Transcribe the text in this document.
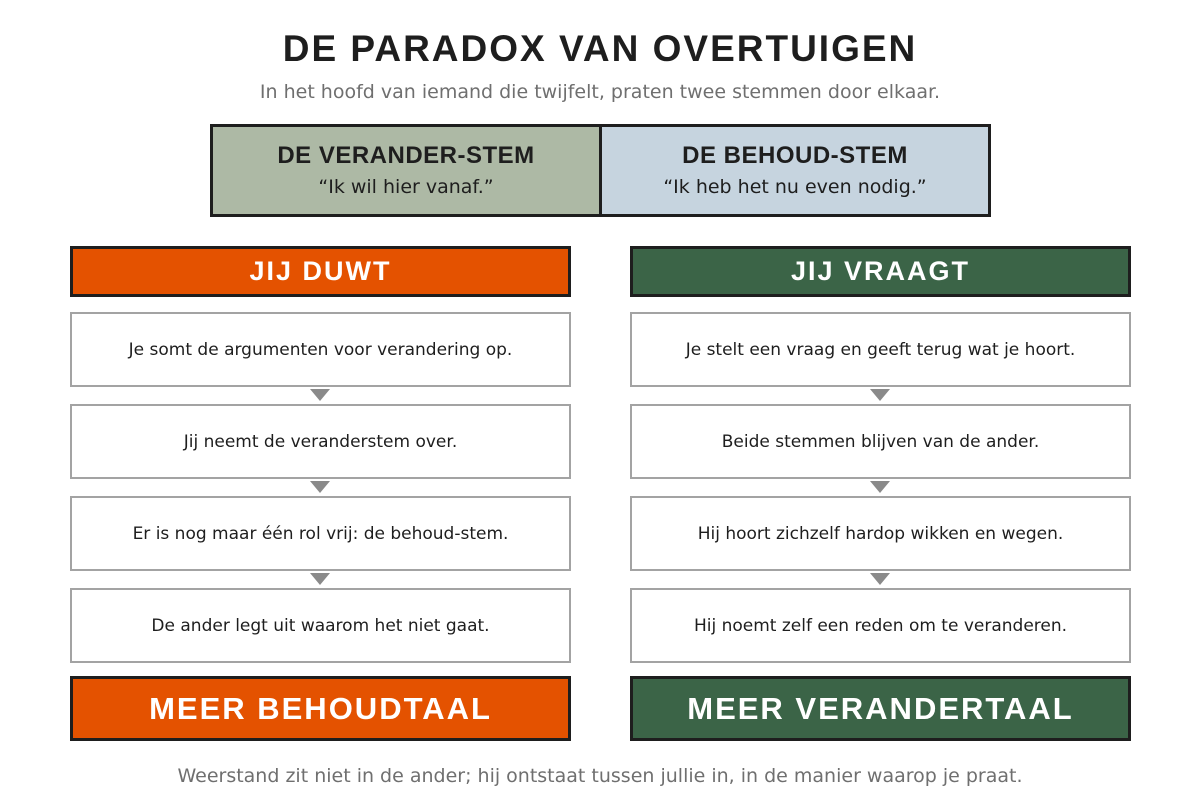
DE PARADOX VAN OVERTUIGEN
In het hoofd van iemand die twijfelt, praten twee stemmen door elkaar.
DE VERANDER-STEM
“Ik wil hier vanaf.”
DE BEHOUD-STEM
“Ik heb het nu even nodig.”
JIJ DUWT
Je somt de argumenten voor verandering op.
Jij neemt de veranderstem over.
Er is nog maar één rol vrij: de behoud-stem.
De ander legt uit waarom het niet gaat.
MEER BEHOUDTAAL
JIJ VRAAGT
Je stelt een vraag en geeft terug wat je hoort.
Beide stemmen blijven van de ander.
Hij hoort zichzelf hardop wikken en wegen.
Hij noemt zelf een reden om te veranderen.
MEER VERANDERTAAL
Weerstand zit niet in de ander; hij ontstaat tussen jullie in, in de manier waarop je praat.
